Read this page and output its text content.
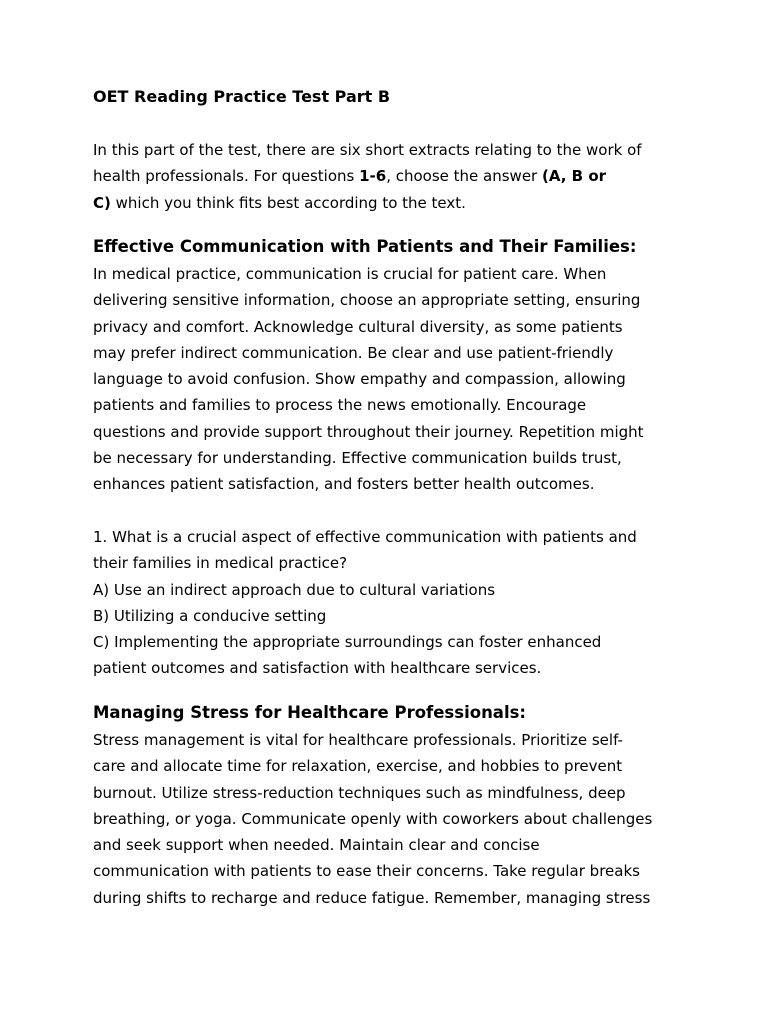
OET Reading Practice Test Part B

In this part of the test, there are six short extracts relating to the work of
health professionals. For questions 1-6, choose the answer (A, B or
C) which you think fits best according to the text.

Effective Communication with Patients and Their Families:

In medical practice, communication is crucial for patient care. When
delivering sensitive information, choose an appropriate setting, ensuring
privacy and comfort. Acknowledge cultural diversity, as some patients
may prefer indirect communication. Be clear and use patient-friendly
language to avoid confusion. Show empathy and compassion, allowing
patients and families to process the news emotionally. Encourage
questions and provide support throughout their journey. Repetition might
be necessary for understanding. Effective communication builds trust,
enhances patient satisfaction, and fosters better health outcomes.

1. What is a crucial aspect of effective communication with patients and
their families in medical practice?
A) Use an indirect approach due to cultural variations
B) Utilizing a conducive setting
C) Implementing the appropriate surroundings can foster enhanced
patient outcomes and satisfaction with healthcare services.

Managing Stress for Healthcare Professionals:

Stress management is vital for healthcare professionals. Prioritize self-
care and allocate time for relaxation, exercise, and hobbies to prevent
burnout. Utilize stress-reduction techniques such as mindfulness, deep
breathing, or yoga. Communicate openly with coworkers about challenges
and seek support when needed. Maintain clear and concise
communication with patients to ease their concerns. Take regular breaks
during shifts to recharge and reduce fatigue. Remember, managing stress
